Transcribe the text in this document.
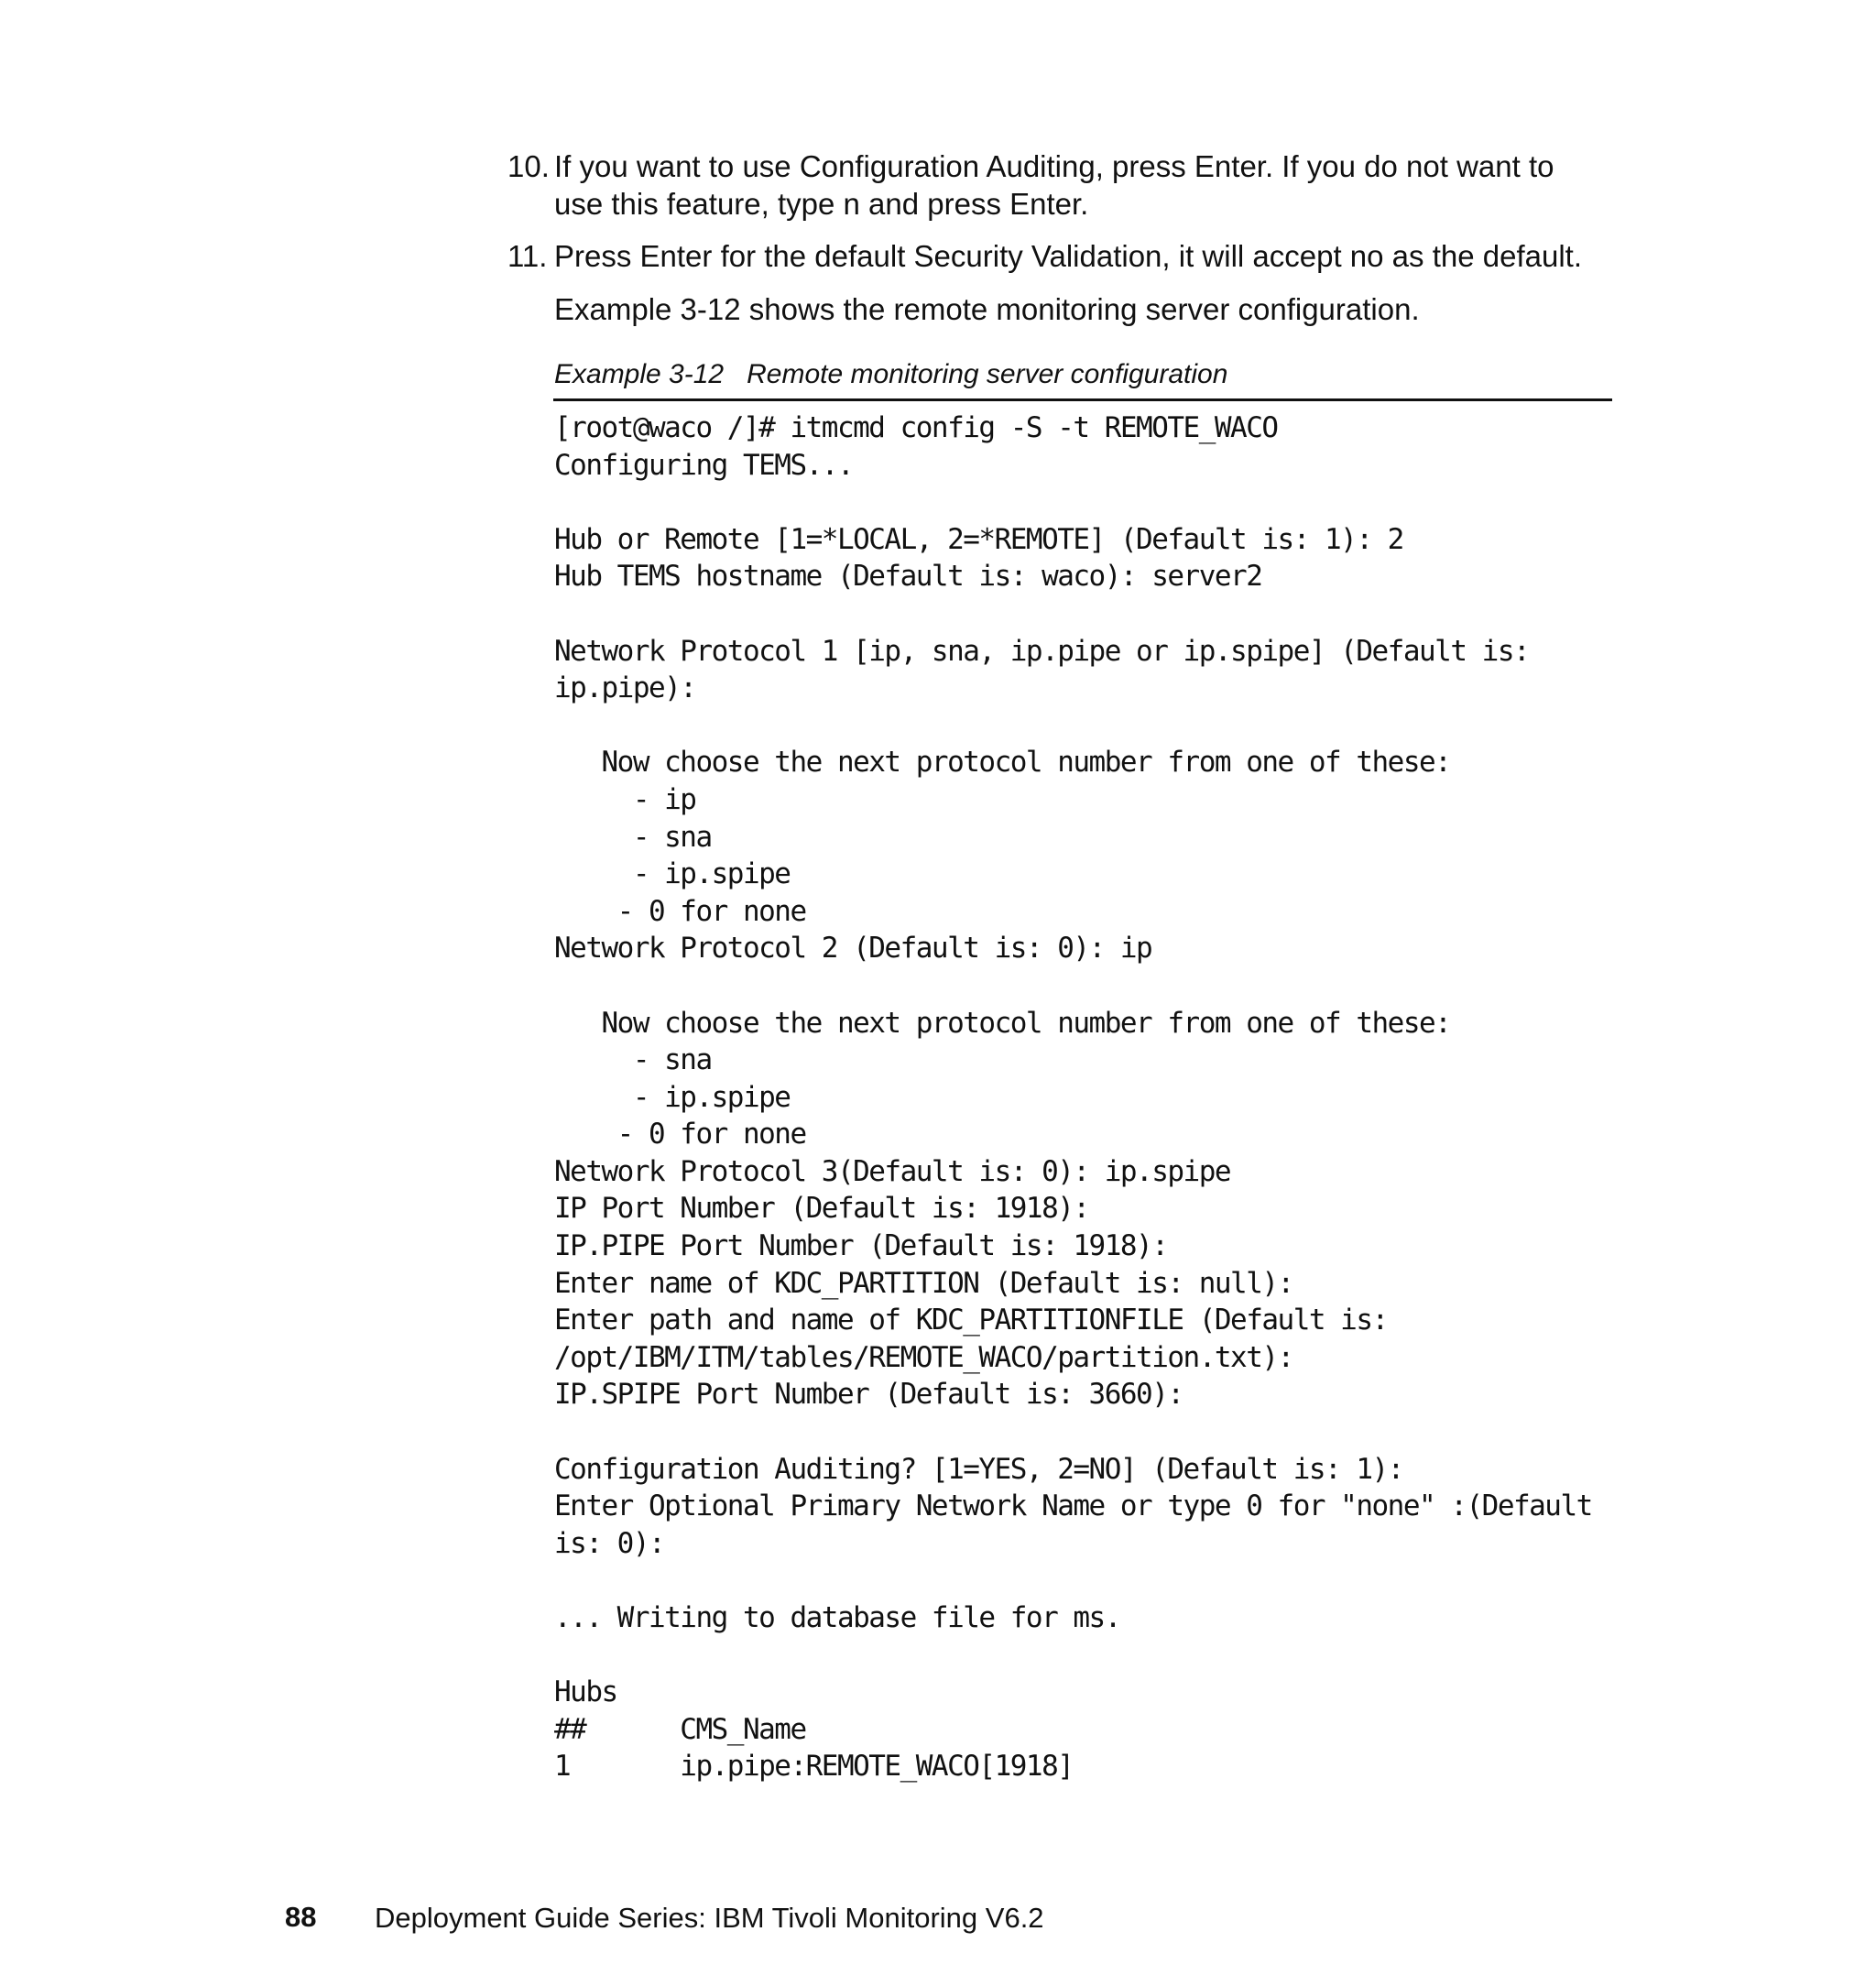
10. If you want to use Configuration Auditing, press Enter. If you do not want to use this feature, type n and press Enter.
11. Press Enter for the default Security Validation, it will accept no as the default.
Example 3-12 shows the remote monitoring server configuration.
Example 3-12 Remote monitoring server configuration
[root@waco /]# itmcmd config -S -t REMOTE_WACO
Configuring TEMS...

Hub or Remote [1=*LOCAL, 2=*REMOTE] (Default is: 1): 2
Hub TEMS hostname (Default is: waco): server2

Network Protocol 1 [ip, sna, ip.pipe or ip.spipe] (Default is:
ip.pipe):

Now choose the next protocol number from one of these:
- ip
- sna
- ip.spipe
- 0 for none
Network Protocol 2 (Default is: 0): ip

Now choose the next protocol number from one of these:
- sna
- ip.spipe
- 0 for none
Network Protocol 3(Default is: 0): ip.spipe
IP Port Number (Default is: 1918):
IP.PIPE Port Number (Default is: 1918):
Enter name of KDC_PARTITION (Default is: null):
Enter path and name of KDC_PARTITIONFILE (Default is:
/opt/IBM/ITM/tables/REMOTE_WACO/partition.txt):
IP.SPIPE Port Number (Default is: 3660):

Configuration Auditing? [1=YES, 2=NO] (Default is: 1):
Enter Optional Primary Network Name or type 0 for "none" :(Default
is: 0):

... Writing to database file for ms.

Hubs
##      CMS_Name
1       ip.pipe:REMOTE_WACO[1918]
88 Deployment Guide Series: IBM Tivoli Monitoring V6.2
